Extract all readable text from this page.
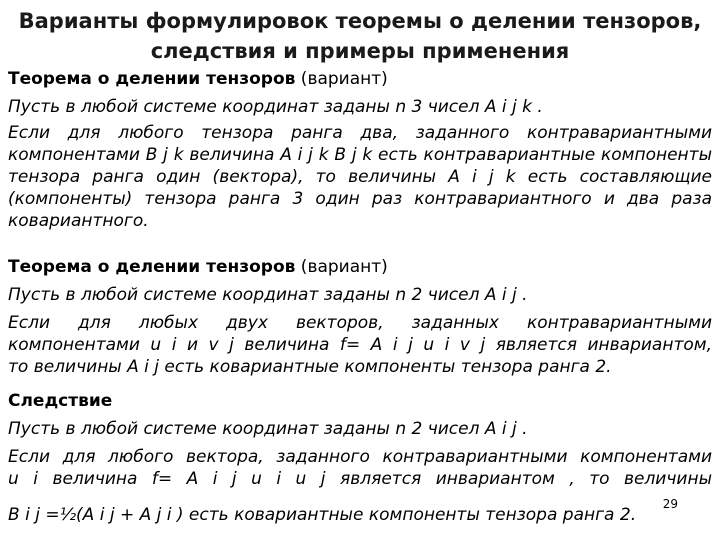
Варианты формулировок теоремы о делении тензоров,
следствия и примеры применения
Теорема о делении тензоров (вариант)
Пусть в любой системе координат заданы n 3 чисел A i j k .
Если для любого тензора ранга два, заданного контравариантными
компонентами B j k величина A i j k B j k есть контравариантные компоненты
тензора ранга один (вектора), то величины A i j k есть составляющие
(компоненты) тензора ранга 3 один раз контравариантного и два раза
ковариантного.
Теорема о делении тензоров (вариант)
Пусть в любой системе координат заданы n 2 чисел A i j .
Если для любых двух векторов, заданных контравариантными
компонентами u i и v j величина f= A i j u i v j является инвариантом,
то величины A i j есть ковариантные компоненты тензора ранга 2.
Следствие
Пусть в любой системе координат заданы n 2 чисел A i j .
Если для любого вектора, заданного контравариантными компонентами
u i величина f= A i j u i u j является инвариантом , то величины
B i j =½(A i j + A j i ) есть ковариантные компоненты тензора ранга 2.
29
